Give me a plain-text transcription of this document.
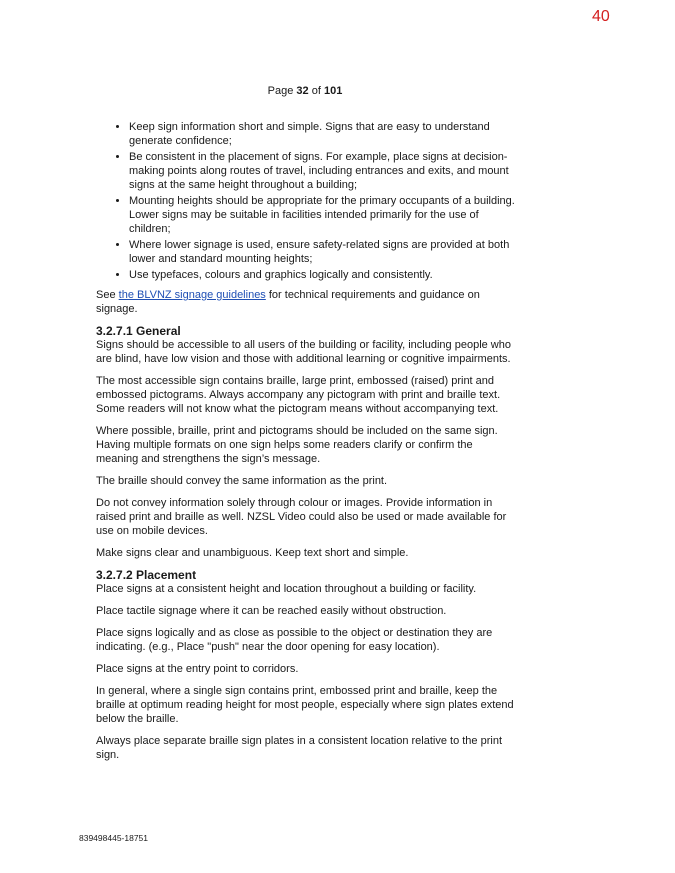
40
Page 32 of 101
• Keep sign information short and simple. Signs that are easy to understand generate confidence;
• Be consistent in the placement of signs. For example, place signs at decision-making points along routes of travel, including entrances and exits, and mount signs at the same height throughout a building;
• Mounting heights should be appropriate for the primary occupants of a building. Lower signs may be suitable in facilities intended primarily for the use of children;
• Where lower signage is used, ensure safety-related signs are provided at both lower and standard mounting heights;
• Use typefaces, colours and graphics logically and consistently.

See the BLVNZ signage guidelines for technical requirements and guidance on signage.

3.2.7.1 General

Signs should be accessible to all users of the building or facility, including people who are blind, have low vision and those with additional learning or cognitive impairments.

The most accessible sign contains braille, large print, embossed (raised) print and embossed pictograms. Always accompany any pictogram with print and braille text. Some readers will not know what the pictogram means without accompanying text.

Where possible, braille, print and pictograms should be included on the same sign. Having multiple formats on one sign helps some readers clarify or confirm the meaning and strengthens the sign’s message.

The braille should convey the same information as the print.

Do not convey information solely through colour or images. Provide information in raised print and braille as well. NZSL Video could also be used or made available for use on mobile devices.

Make signs clear and unambiguous. Keep text short and simple.

3.2.7.2 Placement

Place signs at a consistent height and location throughout a building or facility.

Place tactile signage where it can be reached easily without obstruction.

Place signs logically and as close as possible to the object or destination they are indicating. (e.g., Place "push" near the door opening for easy location).

Place signs at the entry point to corridors.

In general, where a single sign contains print, embossed print and braille, keep the braille at optimum reading height for most people, especially where sign plates extend below the braille.

Always place separate braille sign plates in a consistent location relative to the print sign.

839498445-18751
